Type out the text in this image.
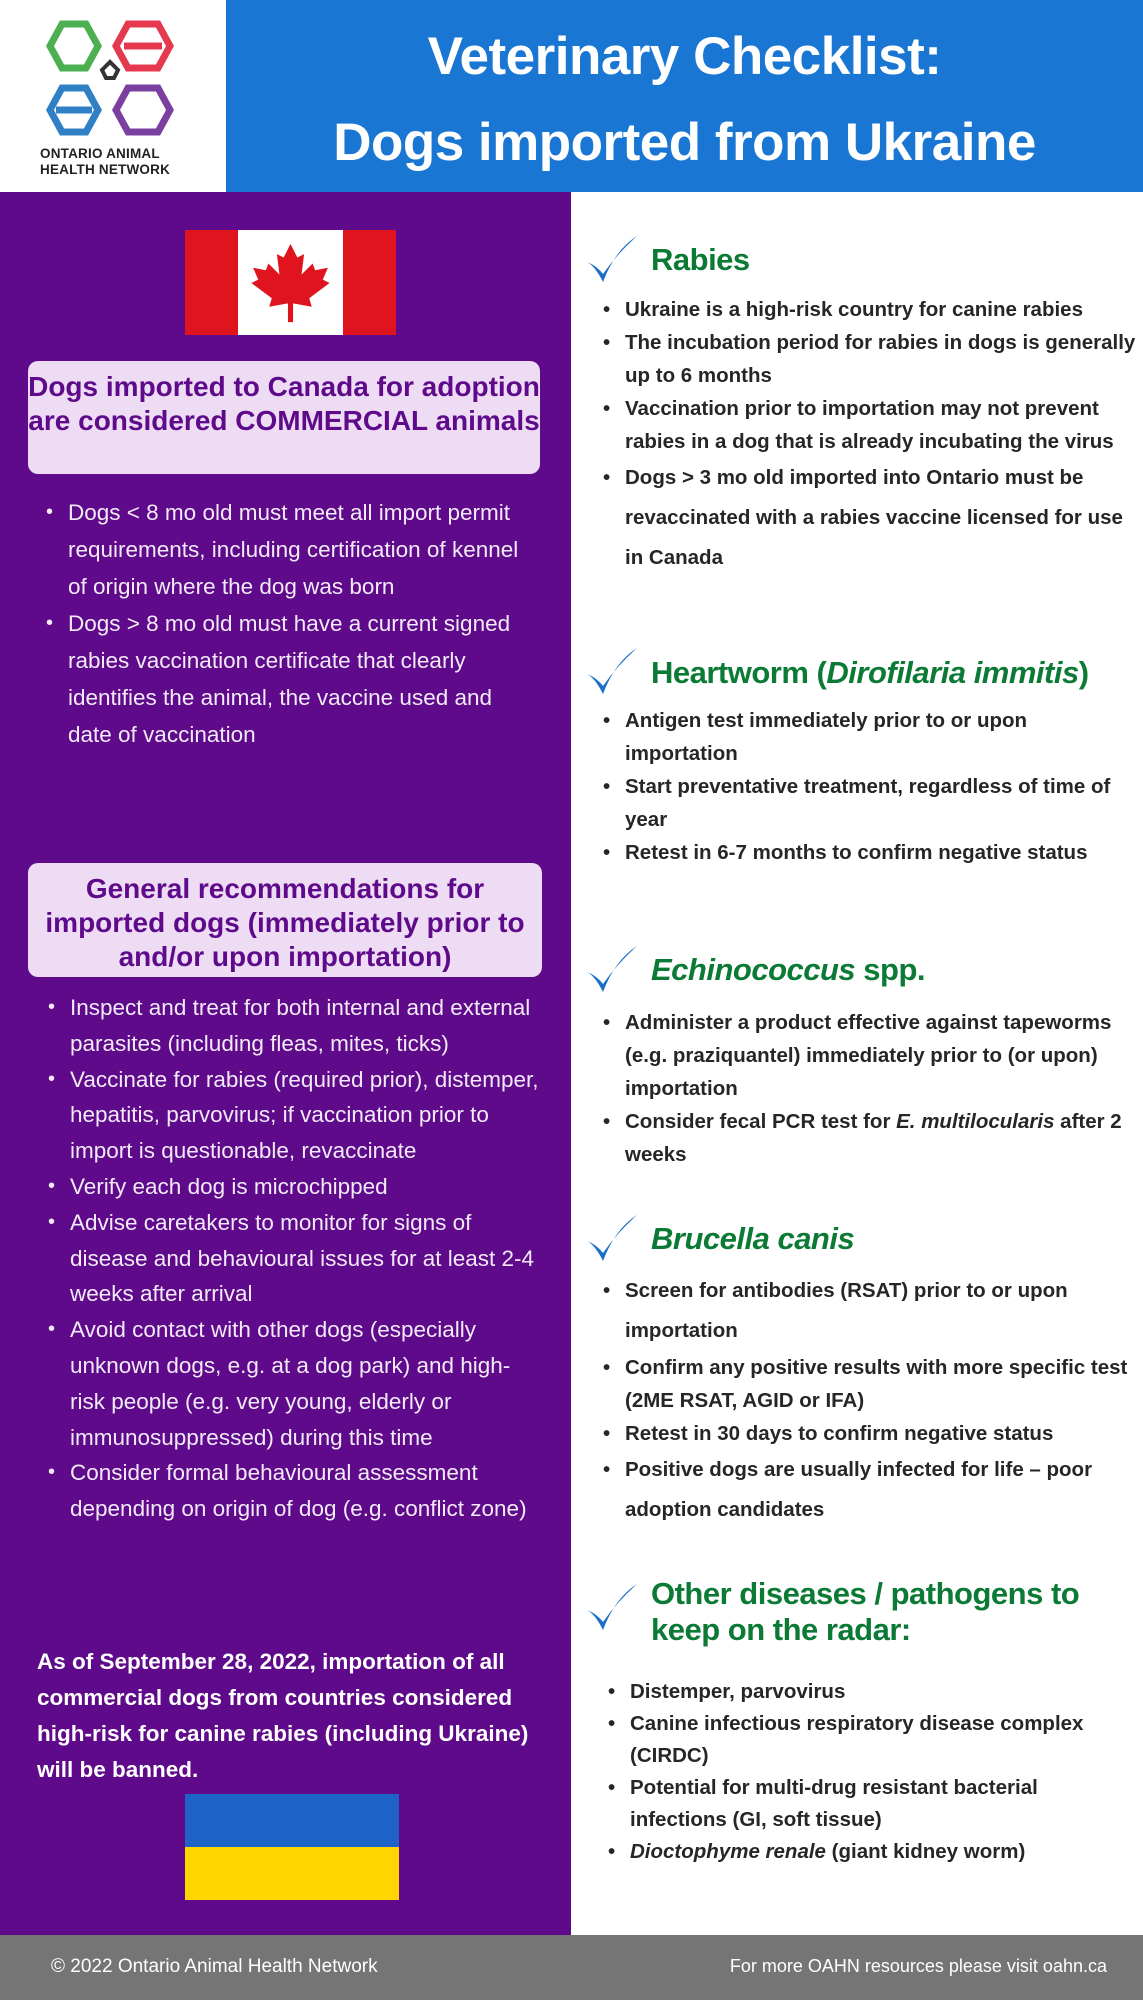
ONTARIO ANIMAL
HEALTH NETWORK
Veterinary Checklist:
Dogs imported from Ukraine
Dogs imported to Canada for adoption are considered COMMERCIAL animals
• Dogs < 8 mo old must meet all import permit requirements, including certification of kennel of origin where the dog was born
• Dogs > 8 mo old must have a current signed rabies vaccination certificate that clearly identifies the animal, the vaccine used and date of vaccination
General recommendations for imported dogs (immediately prior to and/or upon importation)
• Inspect and treat for both internal and external parasites (including fleas, mites, ticks)
• Vaccinate for rabies (required prior), distemper, hepatitis, parvovirus; if vaccination prior to import is questionable, revaccinate
• Verify each dog is microchipped
• Advise caretakers to monitor for signs of disease and behavioural issues for at least 2-4 weeks after arrival
• Avoid contact with other dogs (especially unknown dogs, e.g. at a dog park) and high-risk people (e.g. very young, elderly or immunosuppressed) during this time
• Consider formal behavioural assessment depending on origin of dog (e.g. conflict zone)
As of September 28, 2022, importation of all commercial dogs from countries considered high-risk for canine rabies (including Ukraine) will be banned.
Rabies
• Ukraine is a high-risk country for canine rabies
• The incubation period for rabies in dogs is generally up to 6 months
• Vaccination prior to importation may not prevent rabies in a dog that is already incubating the virus
• Dogs > 3 mo old imported into Ontario must be revaccinated with a rabies vaccine licensed for use in Canada
Heartworm (Dirofilaria immitis)
• Antigen test immediately prior to or upon importation
• Start preventative treatment, regardless of time of year
• Retest in 6-7 months to confirm negative status
Echinococcus spp.
• Administer a product effective against tapeworms (e.g. praziquantel) immediately prior to (or upon) importation
• Consider fecal PCR test for E. multilocularis after 2 weeks
Brucella canis
• Screen for antibodies (RSAT) prior to or upon importation
• Confirm any positive results with more specific test (2ME RSAT, AGID or IFA)
• Retest in 30 days to confirm negative status
• Positive dogs are usually infected for life – poor adoption candidates
Other diseases / pathogens to
keep on the radar:
• Distemper, parvovirus
• Canine infectious respiratory disease complex (CIRDC)
• Potential for multi-drug resistant bacterial infections (GI, soft tissue)
• Dioctophyme renale (giant kidney worm)
© 2022 Ontario Animal Health Network	For more OAHN resources please visit oahn.ca
